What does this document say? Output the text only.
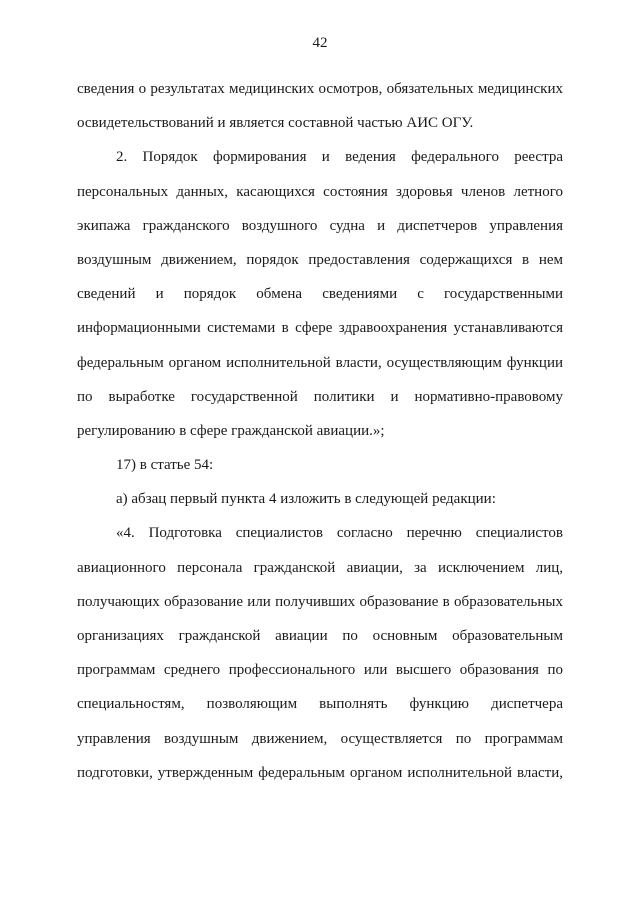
42
сведения о результатах медицинских осмотров, обязательных медицинских
освидетельствований и является составной частью АИС ОГУ.
2. Порядок формирования и ведения федерального реестра
персональных данных, касающихся состояния здоровья членов летного
экипажа гражданского воздушного судна и диспетчеров управления
воздушным движением, порядок предоставления содержащихся в нем
сведений и порядок обмена сведениями с государственными
информационными системами в сфере здравоохранения устанавливаются
федеральным органом исполнительной власти, осуществляющим функции
по выработке государственной политики и нормативно-правовому
регулированию в сфере гражданской авиации.»;
17) в статье 54:
а) абзац первый пункта 4 изложить в следующей редакции:
«4. Подготовка специалистов согласно перечню специалистов
авиационного персонала гражданской авиации, за исключением лиц,
получающих образование или получивших образование в образовательных
организациях гражданской авиации по основным образовательным
программам среднего профессионального или высшего образования по
специальностям, позволяющим выполнять функцию диспетчера
управления воздушным движением, осуществляется по программам
подготовки, утвержденным федеральным органом исполнительной власти,
